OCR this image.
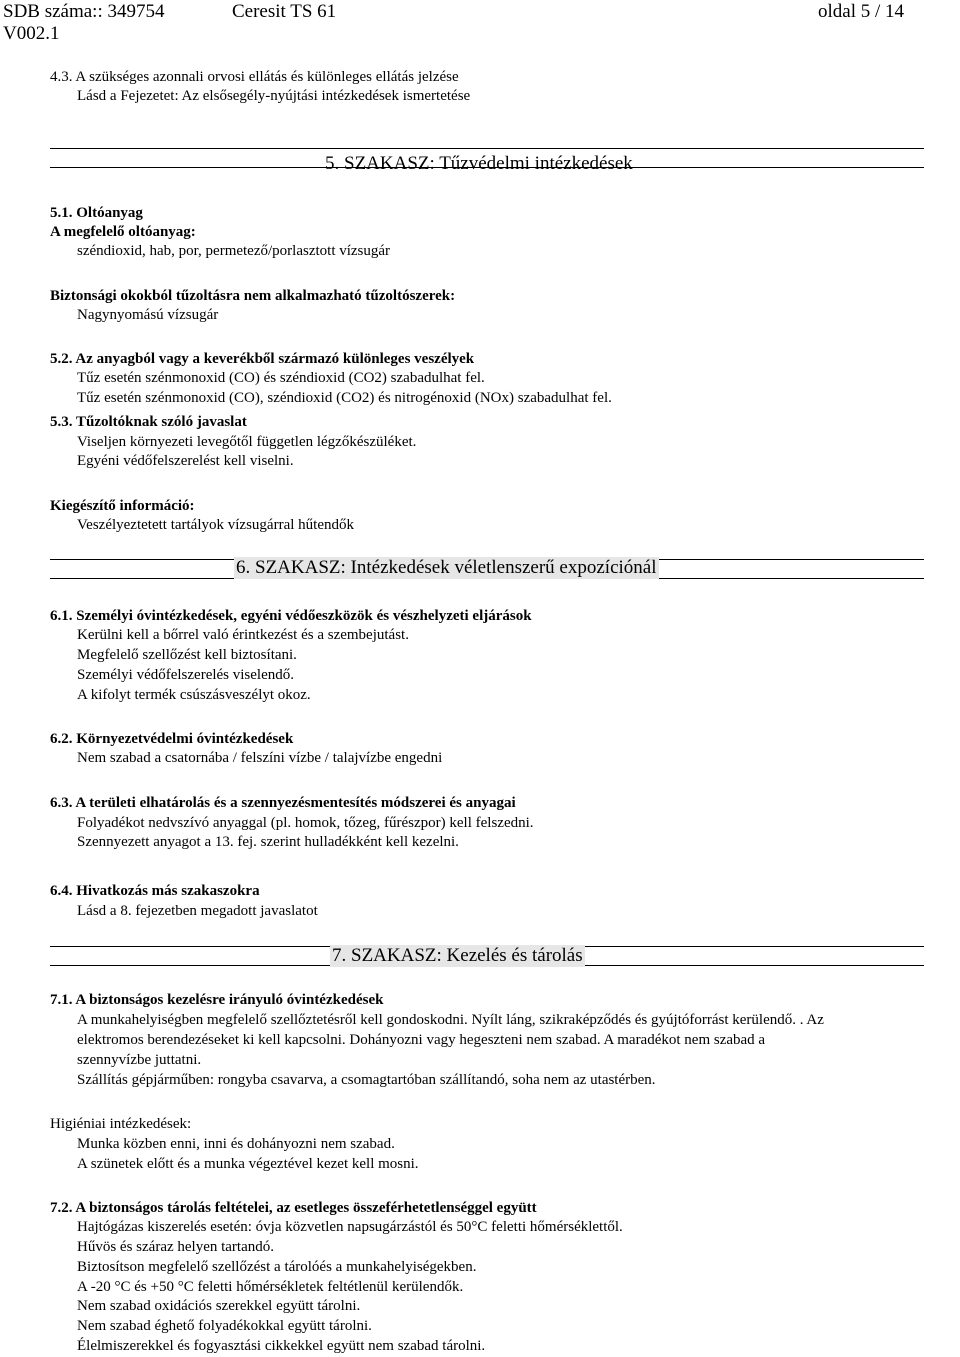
SDB száma:: 349754	Ceresit TS 61	oldal 5 / 14
V002.1
4.3. A szükséges azonnali orvosi ellátás és különleges ellátás jelzése
Lásd a Fejezetet: Az elsősegély-nyújtási intézkedések ismertetése
5. SZAKASZ: Tűzvédelmi intézkedések
5.1. Oltóanyag
A megfelelő oltóanyag:
széndioxid, hab, por, permetező/porlasztott vízsugár
Biztonsági okokból tűzoltásra nem alkalmazható tűzoltószerek:
Nagynyomású vízsugár
5.2. Az anyagból vagy a keverékből származó különleges veszélyek
Tűz esetén szénmonoxid (CO) és széndioxid (CO2) szabadulhat fel.
Tűz esetén szénmonoxid (CO), széndioxid (CO2) és nitrogénoxid (NOx) szabadulhat fel.
5.3. Tűzoltóknak szóló javaslat
Viseljen környezeti levegőtől független légzőkészüléket.
Egyéni védőfelszerelést kell viselni.
Kiegészítő információ:
Veszélyeztetett tartályok vízsugárral hűtendők
6. SZAKASZ: Intézkedések véletlenszerű expozíciónál
6.1. Személyi óvintézkedések, egyéni védőeszközök és vészhelyzeti eljárások
Kerülni kell a bőrrel való érintkezést és a szembejutást.
Megfelelő szellőzést kell biztosítani.
Személyi védőfelszerelés viselendő.
A kifolyt termék csúszásveszélyt okoz.
6.2. Környezetvédelmi óvintézkedések
Nem szabad a csatornába / felszíni vízbe / talajvízbe engedni
6.3. A területi elhatárolás és a szennyezésmentesítés módszerei és anyagai
Folyadékot nedvszívó anyaggal (pl. homok, tőzeg, fűrészpor) kell felszedni.
Szennyezett anyagot a 13. fej. szerint hulladékként kell kezelni.
6.4. Hivatkozás más szakaszokra
Lásd a 8. fejezetben megadott javaslatot
7. SZAKASZ: Kezelés és tárolás
7.1. A biztonságos kezelésre irányuló óvintézkedések
A munkahelyiségben megfelelő szellőztetésről kell gondoskodni. Nyílt láng, szikraképződés és gyújtóforrást kerülendő. . Az
elektromos berendezéseket ki kell kapcsolni. Dohányozni vagy hegeszteni nem szabad. A maradékot nem szabad a
szennyvízbe juttatni.
Szállítás gépjárműben: rongyba csavarva, a csomagtartóban szállítandó, soha nem az utastérben.
Higiéniai intézkedések:
Munka közben enni, inni és dohányozni nem szabad.
A szünetek előtt és a munka végeztével kezet kell mosni.
7.2. A biztonságos tárolás feltételei, az esetleges összeférhetetlenséggel együtt
Hajtógázas kiszerelés esetén: óvja közvetlen napsugárzástól és 50°C feletti hőmérséklettől.
Hűvös és száraz helyen tartandó.
Biztosítson megfelelő szellőzést a tárolóés a munkahelyiségekben.
A -20 °C és +50 °C feletti hőmérsékletek feltétlenül kerülendők.
Nem szabad oxidációs szerekkel együtt tárolni.
Nem szabad éghető folyadékokkal együtt tárolni.
Élelmiszerekkel és fogyasztási cikkekkel együtt nem szabad tárolni.
